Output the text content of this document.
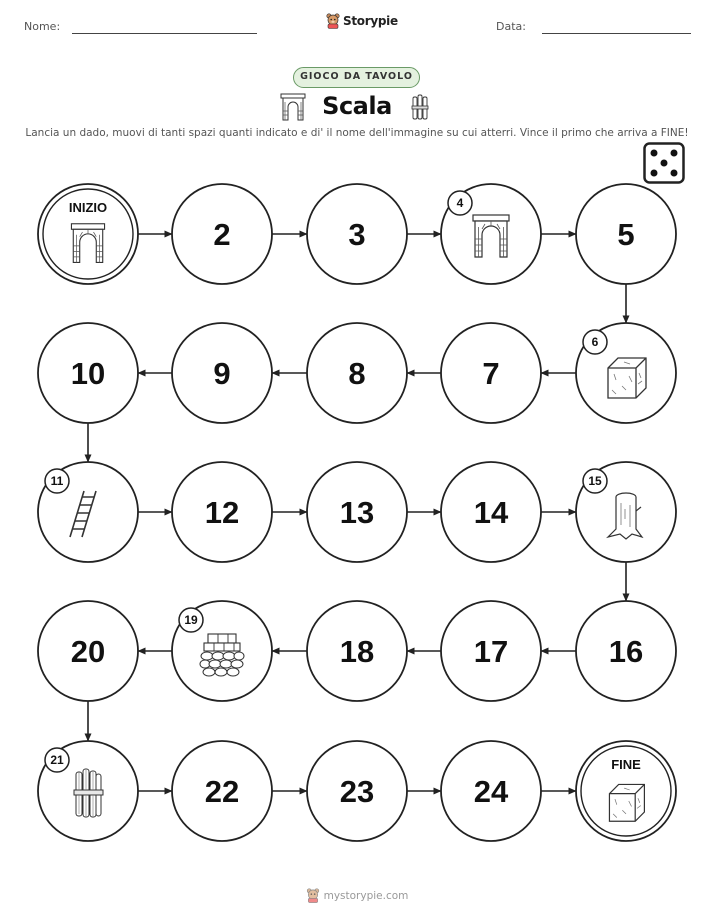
Nome:	Storypie	Data:
GIOCO DA TAVOLO
Scala
Lancia un dado, muovi di tanti spazi quanti indicato e di' il nome dell'immagine su cui atterri. Vince il primo che arriva a FINE!
INIZIO
2	3
4
5
6
7
8
9
10
11
12	13	14
15
16
17
18
19
20
21
22	23	24
FINE
mystorypie.com
